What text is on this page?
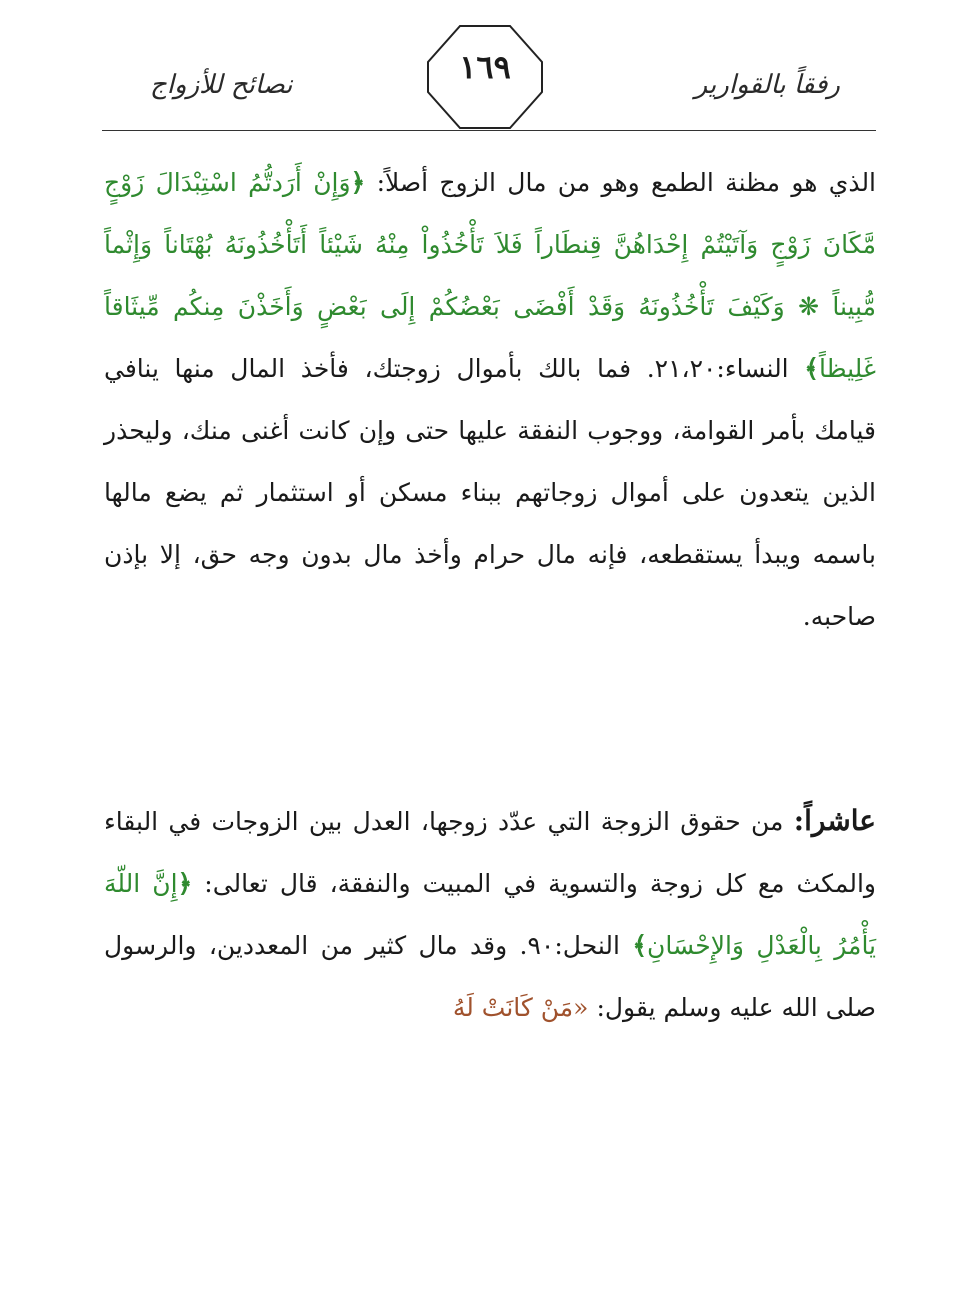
رفقاً بالقوارير
نصائح للأزواج	١٦٩
الذي هو مظنة الطمع وهو من مال الزوج أصلاً: ﴿وَإِنْ أَرَدتُّمُ اسْتِبْدَالَ زَوْجٍ مَّكَانَ زَوْجٍ وَآتَيْتُمْ إِحْدَاهُنَّ قِنطَاراً فَلاَ تَأْخُذُواْ مِنْهُ شَيْئاً أَتَأْخُذُونَهُ بُهْتَاناً وَإِثْماً مُّبِيناً ❋ وَكَيْفَ تَأْخُذُونَهُ وَقَدْ أَفْضَى بَعْضُكُمْ إِلَى بَعْضٍ وَأَخَذْنَ مِنكُم مِّيثَاقاً غَلِيظاً﴾ النساء:٢١،٢٠. فما بالك بأموال زوجتك، فأخذ المال منها ينافي قيامك بأمر القوامة، ووجوب النفقة عليها حتى وإن كانت أغنى منك، وليحذر الذين يتعدون على أموال زوجاتهم ببناء مسكن أو استثمار ثم يضع مالها باسمه ويبدأ يستقطعه، فإنه مال حرام وأخذ مال بدون وجه حق، إلا بإذن صاحبه.
عاشراً: من حقوق الزوجة التي عدّد زوجها، العدل بين الزوجات في البقاء والمكث مع كل زوجة والتسوية في المبيت والنفقة، قال تعالى: ﴿إِنَّ اللّهَ يَأْمُرُ بِالْعَدْلِ وَالإِحْسَانِ﴾ النحل:٩٠. وقد مال كثير من المعددين، والرسول صلى الله عليه وسلم يقول: «مَنْ كَانَتْ لَهُ
